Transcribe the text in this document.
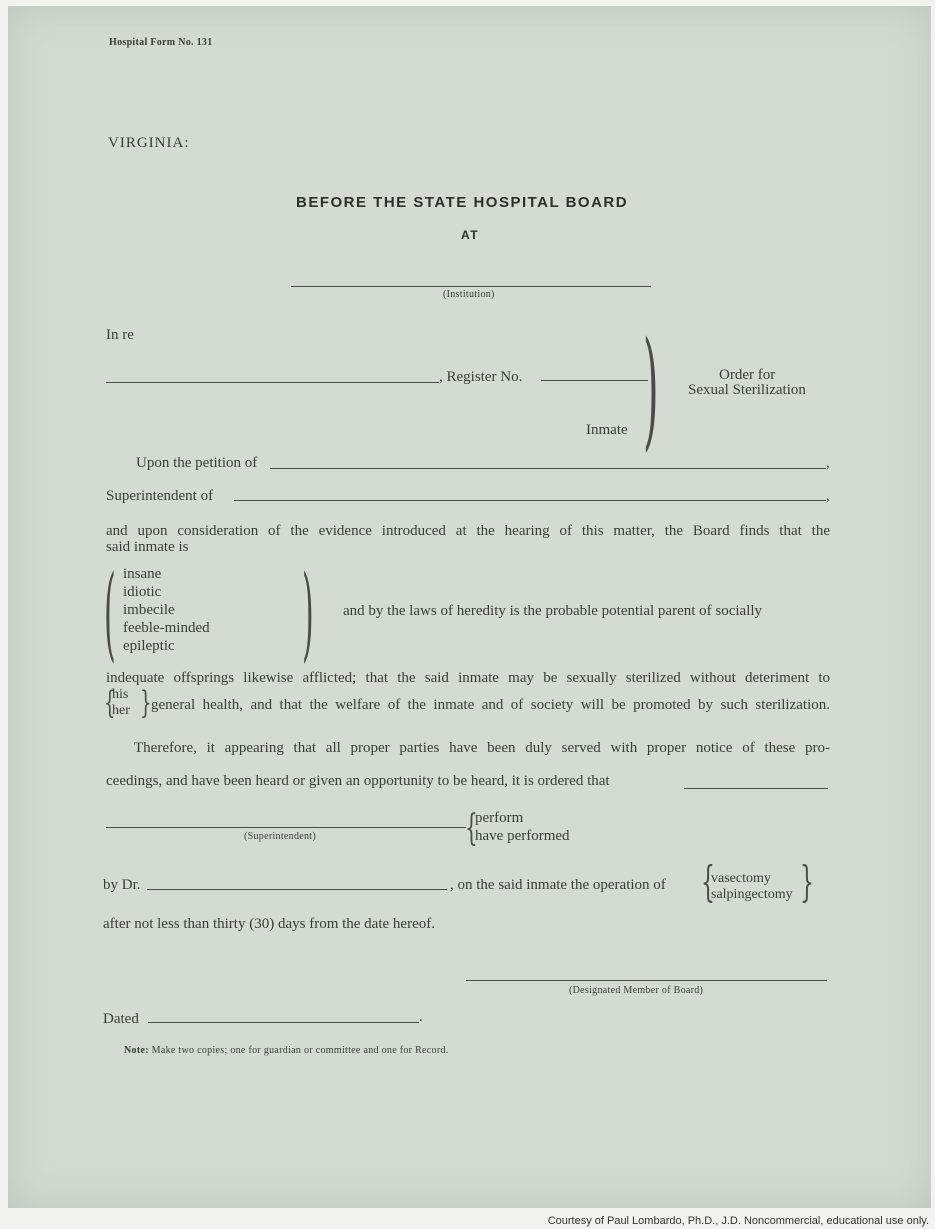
Hospital Form No. 131
VIRGINIA:
BEFORE THE STATE HOSPITAL BOARD
AT
(Institution)
In re
, Register No.
Inmate )	Order for
Sexual Sterilization
Upon the petition of	,
Superintendent of	,
and upon consideration of the evidence introduced at the hearing of this matter, the Board finds that the
said inmate is
( insane
idiotic
imbecile
feeble-minded
epileptic	) and by the laws of heredity is the probable potential parent of socially
indequate offsprings likewise afflicted; that the said inmate may be sexually sterilized without deteriment to
{
his
her } general health, and that the welfare of the inmate and of society will be promoted by such sterilization.
Therefore, it appearing that all proper parties have been duly served with proper notice of these pro-
ceedings, and have been heard or given an opportunity to be heard, it is ordered that
(Superintendent)	{
perform
have performed
by Dr.	, on the said inmate the operation of {
vasectomy
salpingectomy }
after not less than thirty (30) days from the date hereof.
(Designated Member of Board)
Dated	.
Note: Make two copies; one for guardian or committee and one for Record.
Courtesy of Paul Lombardo, Ph.D., J.D. Noncommercial, educational use only.
